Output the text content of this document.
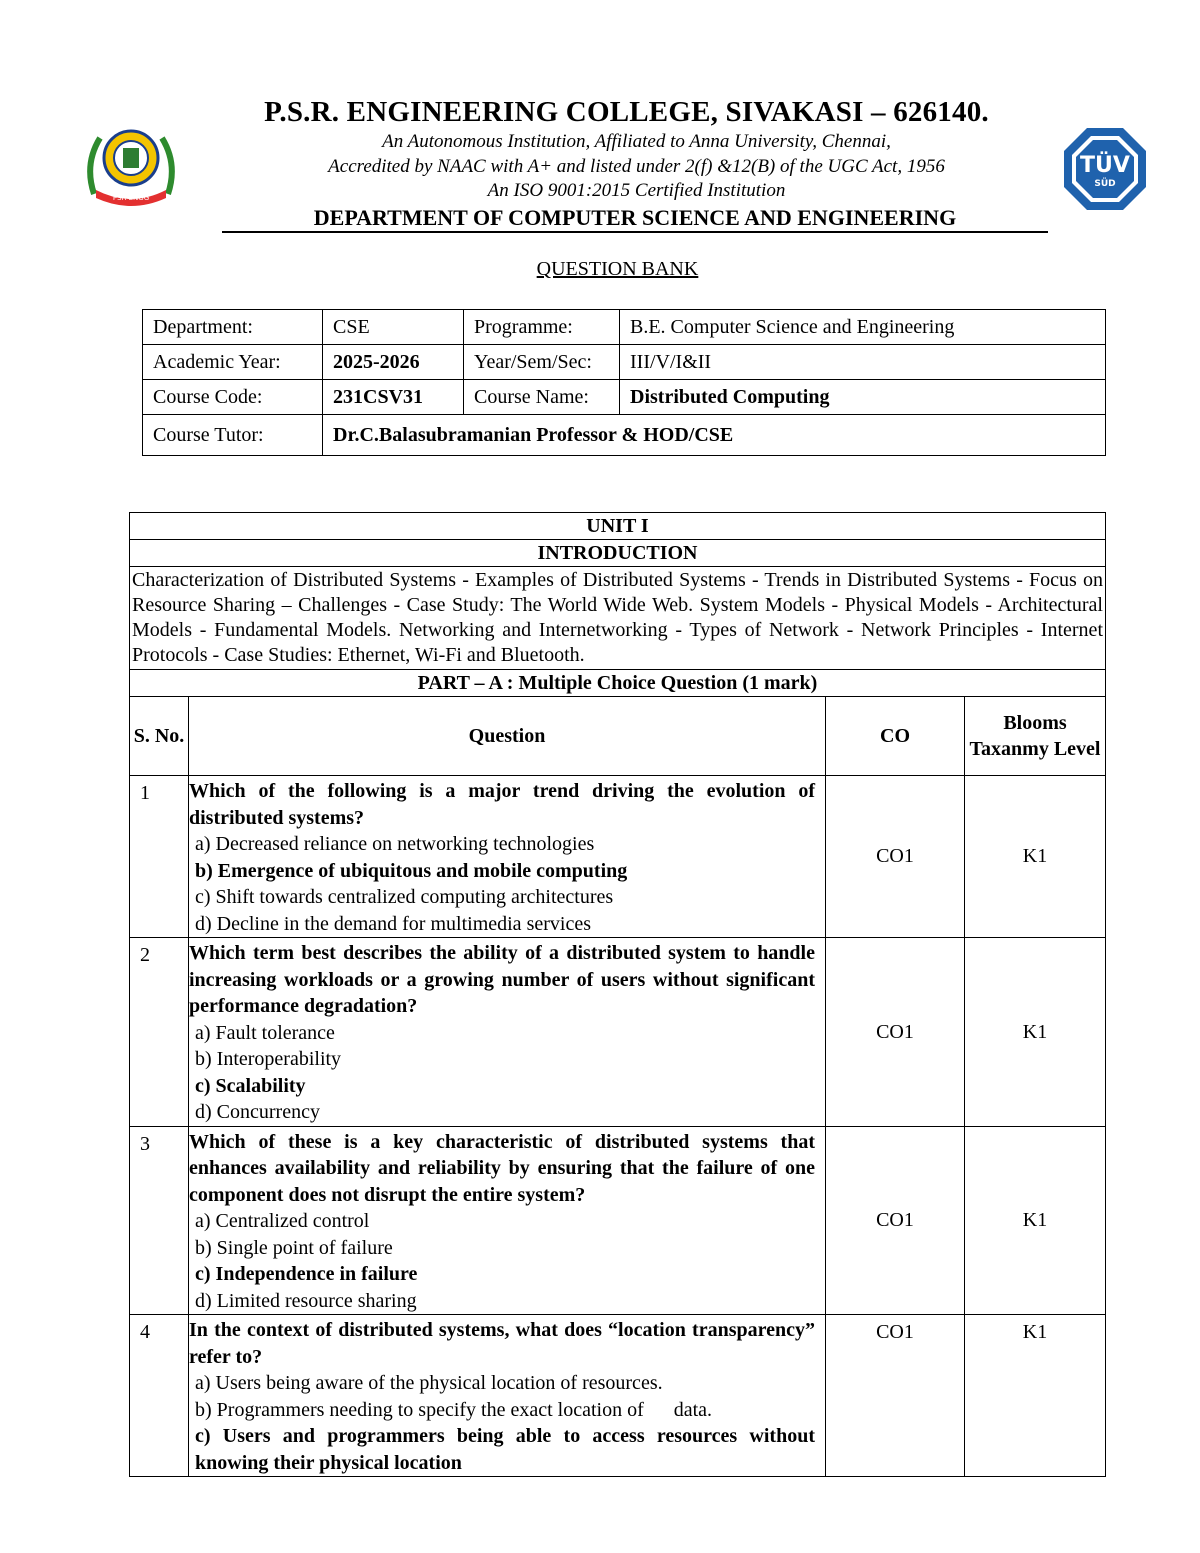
PSR ENGG
TÜV
SÜD
P.S.R. ENGINEERING COLLEGE, SIVAKASI – 626140.
An Autonomous Institution, Affiliated to Anna University, Chennai,
Accredited by NAAC with A+ and listed under 2(f) &12(B) of the UGC Act, 1956
An ISO 9001:2015 Certified Institution
DEPARTMENT OF COMPUTER SCIENCE AND ENGINEERING
QUESTION BANK
Department:	CSE	Programme:	B.E. Computer Science and Engineering
Academic Year:	2025-2026	Year/Sem/Sec:	III/V/I&II
Course Code:	231CSV31	Course Name:	Distributed Computing
Course Tutor:	Dr.C.Balasubramanian Professor & HOD/CSE		
UNIT I			
INTRODUCTION			
Characterization of Distributed Systems - Examples of Distributed Systems - Trends in Distributed Systems - Focus on Resource Sharing – Challenges - Case Study: The World Wide Web. System Models - Physical Models - Architectural Models - Fundamental Models. Networking and Internetworking - Types of Network - Network Principles - Internet Protocols - Case Studies: Ethernet, Wi-Fi and Bluetooth.			
PART – A : Multiple Choice Question (1 mark)			
S. No.	Question	CO	Blooms Taxanmy Level
1	Which of the following is a major trend driving the evolution of distributed systems?
a) Decreased reliance on networking technologies
b) Emergence of ubiquitous and mobile computing
c) Shift towards centralized computing architectures
d) Decline in the demand for multimedia services	CO1	K1
2	Which term best describes the ability of a distributed system to handle increasing workloads or a growing number of users without significant performance degradation?
a) Fault tolerance
b) Interoperability
c) Scalability
d) Concurrency	CO1	K1
3	Which of these is a key characteristic of distributed systems that enhances availability and reliability by ensuring that the failure of one component does not disrupt the entire system?
a) Centralized control
b) Single point of failure
c) Independence in failure
d) Limited resource sharing	CO1	K1
4	In the context of distributed systems, what does “location transparency” refer to?
a) Users being aware of the physical location of resources.
b) Programmers needing to specify the exact location of      data.
c) Users and programmers being able to access resources without knowing their physical location	CO1	K1
